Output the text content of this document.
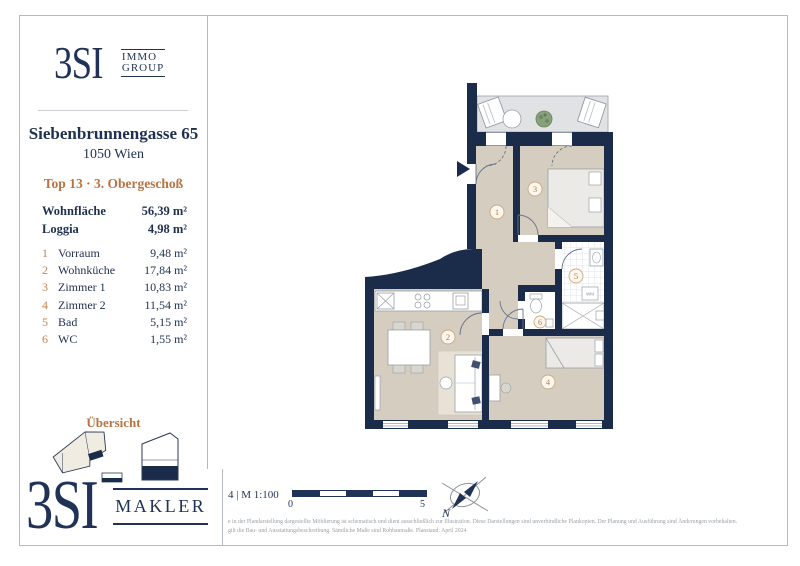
3SI IMMO
GROUP
Siebenbrunnengasse 65
1050 Wien
Top 13 · 3. Obergeschoß
Wohnfläche	56,39 m²
Loggia	4,98 m²
1 Vorraum	9,48 m²
2 Wohnküche	17,84 m²
3 Zimmer 1	10,83 m²
4 Zimmer 2	11,54 m²
5 Bad	5,15 m²
6 WC	1,55 m²
Übersicht
3SI MAKLER
4 | M 1:100
0	5
N
e in der Plandarstellung dargestellte Möblierung ist schematisch und dient ausschließlich zur Illustration. Diese Darstellungen sind unverbindliche Plankopien. Der Planung und Ausführung sind Änderungen vorbehalten.
gilt die Bau- und Ausstattungsbeschreibung. Sämtliche Maße sind Rohbaumaße. Planstand: April 2024
WM
1
2
3
4
5
6
